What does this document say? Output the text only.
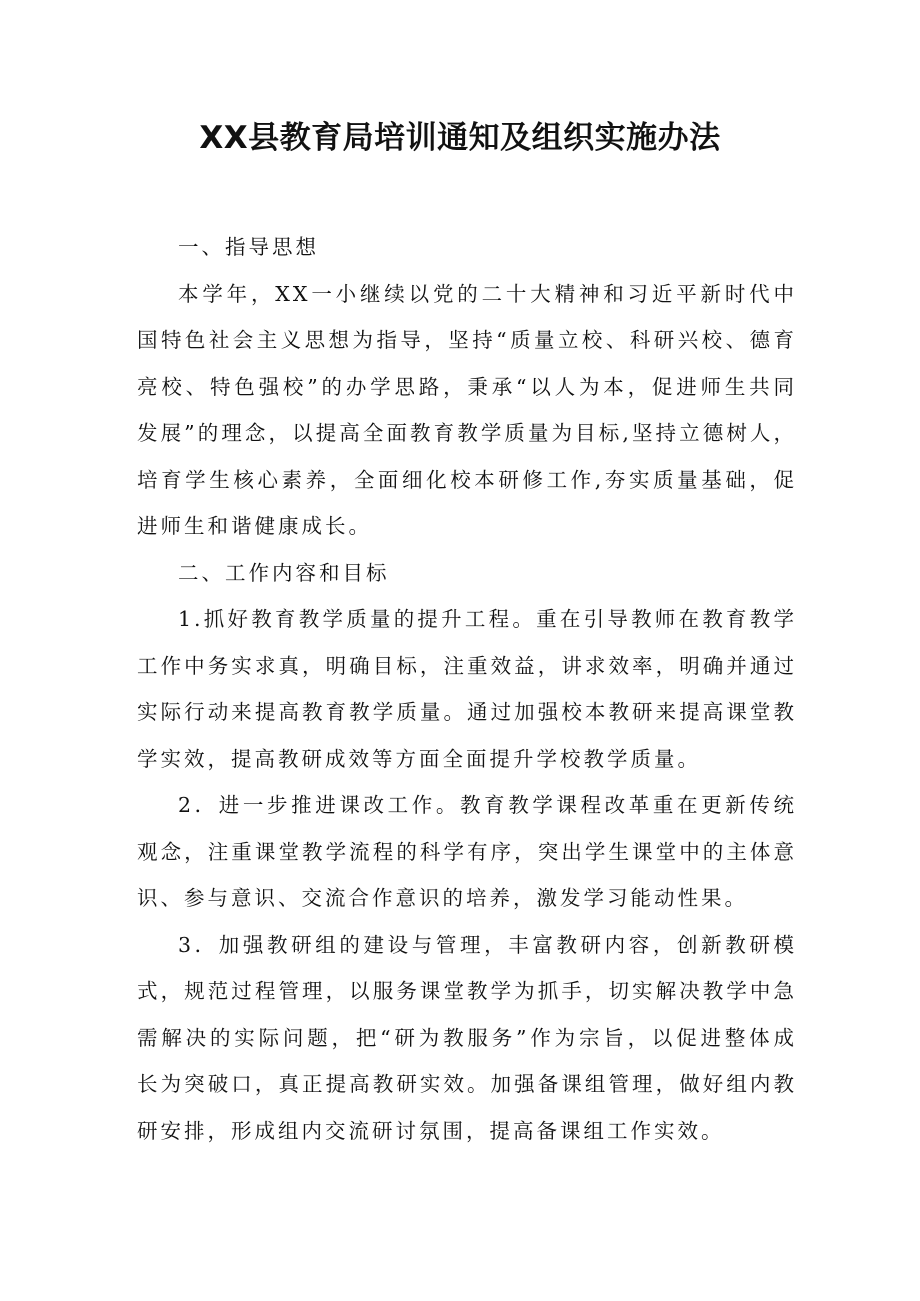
XX县教育局培训通知及组织实施办法

一、指导思想

本学年，XX一小继续以党的二十大精神和习近平新时代中国特色社会主义思想为指导，坚持“质量立校、科研兴校、德育亮校、特色强校”的办学思路，秉承“以人为本，促进师生共同发展”的理念，以提高全面教育教学质量为目标,坚持立德树人，培育学生核心素养，全面细化校本研修工作,夯实质量基础，促进师生和谐健康成长。

二、工作内容和目标

1.抓好教育教学质量的提升工程。重在引导教师在教育教学工作中务实求真，明确目标，注重效益，讲求效率，明确并通过实际行动来提高教育教学质量。通过加强校本教研来提高课堂教学实效，提高教研成效等方面全面提升学校教学质量。

2．进一步推进课改工作。教育教学课程改革重在更新传统观念，注重课堂教学流程的科学有序，突出学生课堂中的主体意识、参与意识、交流合作意识的培养，激发学习能动性果。

3．加强教研组的建设与管理，丰富教研内容，创新教研模式，规范过程管理，以服务课堂教学为抓手，切实解决教学中急需解决的实际问题，把“研为教服务”作为宗旨，以促进整体成长为突破口，真正提高教研实效。加强备课组管理，做好组内教研安排，形成组内交流研讨氛围，提高备课组工作实效。
